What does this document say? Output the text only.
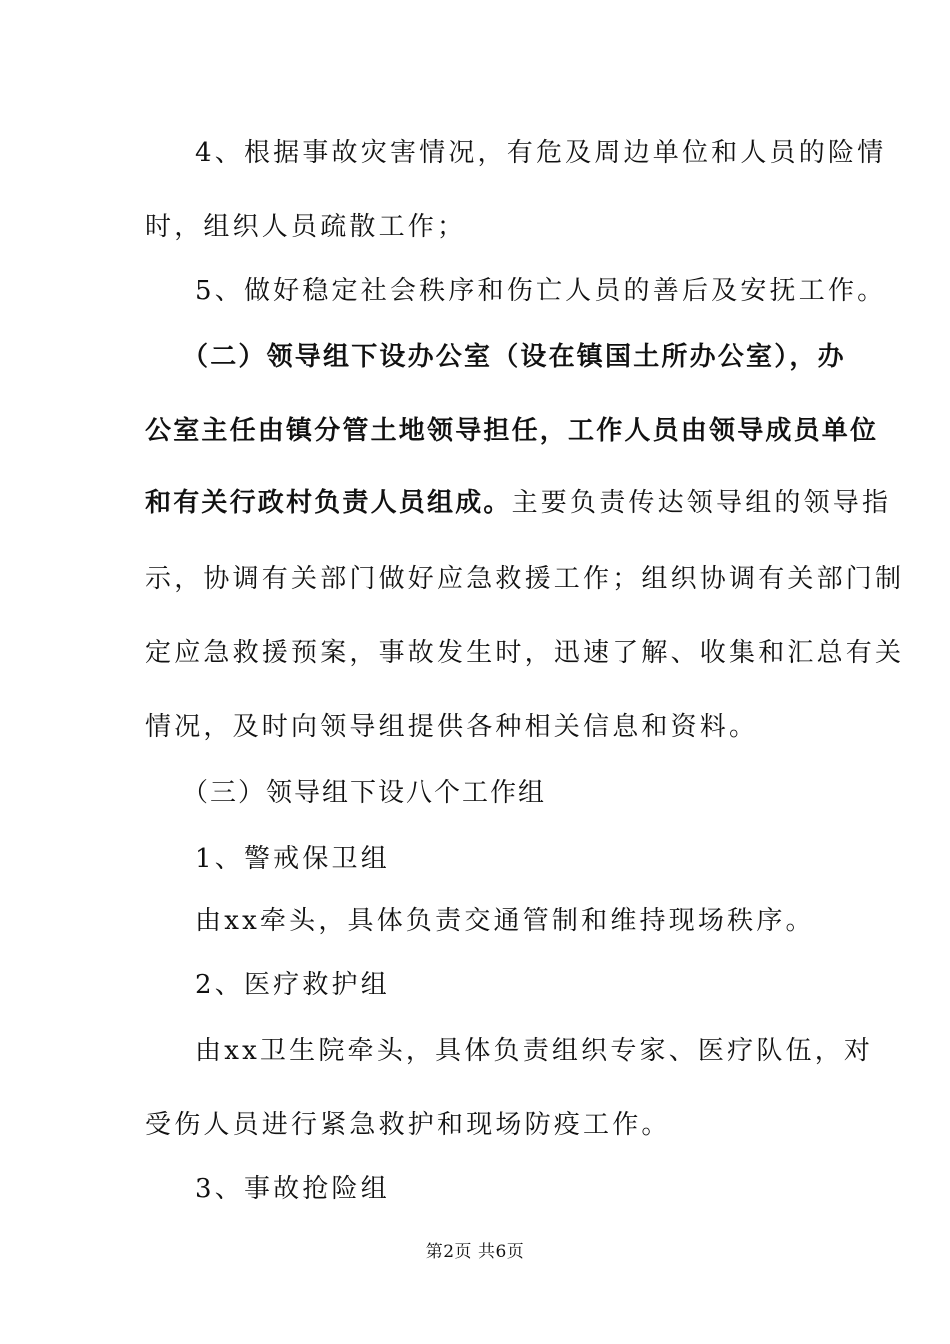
4、根据事故灾害情况，有危及周边单位和人员的险情
时，组织人员疏散工作；
5、做好稳定社会秩序和伤亡人员的善后及安抚工作。
（二）领导组下设办公室（设在镇国土所办公室），办
公室主任由镇分管土地领导担任，工作人员由领导成员单位
和有关行政村负责人员组成。主要负责传达领导组的领导指
示，协调有关部门做好应急救援工作；组织协调有关部门制
定应急救援预案，事故发生时，迅速了解、收集和汇总有关
情况，及时向领导组提供各种相关信息和资料。
（三）领导组下设八个工作组
1、警戒保卫组
由xx牵头，具体负责交通管制和维持现场秩序。
2、医疗救护组
由xx卫生院牵头，具体负责组织专家、医疗队伍，对
受伤人员进行紧急救护和现场防疫工作。
3、事故抢险组
第2页 共6页
